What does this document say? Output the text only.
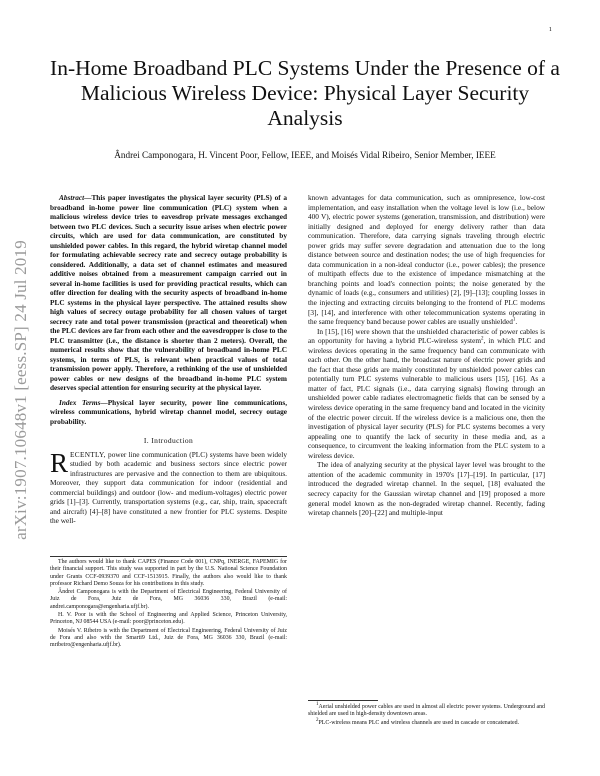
1
arXiv:1907.10648v1 [eess.SP] 24 Jul 2019
In-Home Broadband PLC Systems Under the Presence of a Malicious Wireless Device: Physical Layer Security Analysis

Ândrei Camponogara, H. Vincent Poor, Fellow, IEEE, and Moisés Vidal Ribeiro, Senior Member, IEEE

Abstract—This paper investigates the physical layer security (PLS) of a broadband in-home power line communication (PLC) system when a malicious wireless device tries to eavesdrop private messages exchanged between two PLC devices. Such a security issue arises when electric power circuits, which are used for data communication, are constituted by unshielded power cables. In this regard, the hybrid wiretap channel model for formulating achievable secrecy rate and secrecy outage probability is considered. Additionally, a data set of channel estimates and measured additive noises obtained from a measurement campaign carried out in several in-home facilities is used for providing practical results, which can offer direction for dealing with the security aspects of broadband in-home PLC systems in the physical layer perspective. The attained results show high values of secrecy outage probability for all chosen values of target secrecy rate and total power transmission (practical and theoretical) when the PLC devices are far from each other and the eavesdropper is close to the PLC transmitter (i.e., the distance is shorter than 2 meters). Overall, the numerical results show that the vulnerability of broadband in-home PLC systems, in terms of PLS, is relevant when practical values of total transmission power apply. Therefore, a rethinking of the use of unshielded power cables or new designs of the broadband in-home PLC system deserves special attention for ensuring security at the physical layer.

Index Terms—Physical layer security, power line communications, wireless communications, hybrid wiretap channel model, secrecy outage probability.

I. Introduction

RECENTLY, power line communication (PLC) systems have been widely studied by both academic and business sectors since electric power infrastructures are pervasive and the connection to them are ubiquitous. Moreover, they support data communication for indoor (residential and commercial buildings) and outdoor (low- and medium-voltages) electric power grids [1]–[3]. Currently, transportation systems (e.g., car, ship, train, spacecraft and aircraft) [4]–[8] have constituted a new frontier for PLC systems. Despite the well-

The authors would like to thank CAPES (Finance Code 001), CNPq, INERGE, FAPEMIG for their financial support. This study was supported in part by the U.S. National Science Foundation under Grants CCF-0939370 and CCF-1513915. Finally, the authors also would like to thank professor Richard Demo Souza for his contributions in this study.

Ândrei Camponogara is with the Department of Electrical Engineering, Federal University of Juiz de Fora, Juiz de Fora, MG 36036 330, Brazil (e-mail: andrei.camponogara@engenharia.ufjf.br).

H. V. Poor is with the School of Engineering and Applied Science, Princeton University, Princeton, NJ 08544 USA (e-mail: poor@princeton.edu).

Moisés V. Ribeiro is with the Department of Electrical Engineering, Federal University of Juiz de Fora and also with the Smarti9 Ltd., Juiz de Fora, MG 36036 330, Brazil (e-mail: mribeiro@engenharia.ufjf.br).

known advantages for data communication, such as omnipresence, low-cost implementation, and easy installation when the voltage level is low (i.e., below 400 V), electric power systems (generation, transmission, and distribution) were initially designed and deployed for energy delivery rather than data communication. Therefore, data carrying signals traveling through electric power grids may suffer severe degradation and attenuation due to the long distance between source and destination nodes; the use of high frequencies for data communication in a non-ideal conductor (i.e., power cables); the presence of multipath effects due to the existence of impedance mismatching at the branching points and load's connection points; the noise generated by the dynamic of loads (e.g., consumers and utilities) [2], [9]–[13]; coupling losses in the injecting and extracting circuits belonging to the frontend of PLC modems [3], [14], and interference with other telecommunication systems operating in the same frequency band because power cables are usually unshielded$^1$.

In [15], [16] were shown that the unshielded characteristic of power cables is an opportunity for having a hybrid PLC-wireless system$^2$, in which PLC and wireless devices operating in the same frequency band can communicate with each other. On the other hand, the broadcast nature of electric power grids and the fact that these grids are mainly constituted by unshielded power cables can potentially turn PLC systems vulnerable to malicious users [15], [16]. As a matter of fact, PLC signals (i.e., data carrying signals) flowing through an unshielded power cable radiates electromagnetic fields that can be sensed by a wireless device operating in the same frequency band and located in the vicinity of the electric power circuit. If the wireless device is a malicious one, then the investigation of physical layer security (PLS) for PLC systems becomes a very appealing one to quantify the lack of security in these media and, as a consequence, to circumvent the leaking information from the PLC system to a wireless device.

The idea of analyzing security at the physical layer level was brought to the attention of the academic community in 1970's [17]–[19]. In particular, [17] introduced the degraded wiretap channel. In the sequel, [18] evaluated the secrecy capacity for the Gaussian wiretap channel and [19] proposed a more general model known as the non-degraded wiretap channel. Recently, fading wiretap channels [20]–[22] and multiple-input

$^1$Aerial unshielded power cables are used in almost all electric power systems. Underground and shielded are used in high-density downtown areas.

$^2$PLC-wireless means PLC and wireless channels are used in cascade or concatenated.
